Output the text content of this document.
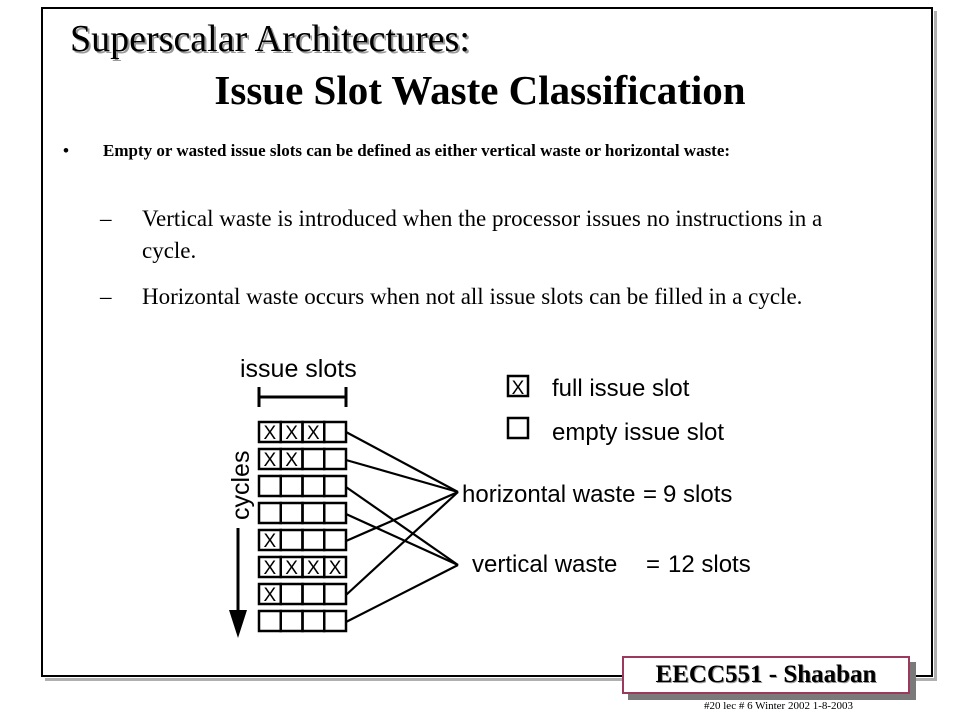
Superscalar Architectures:
Issue Slot Waste Classification
• Empty or wasted issue slots can be defined as either vertical waste or horizontal waste:
– Vertical waste is introduced when the processor issues no instructions in a cycle.
– Horizontal waste occurs when not all issue slots can be filled in a cycle.
issue slots
cycles
X X X
X X
X
X X X X
X
X full issue slot
empty issue slot
horizontal waste = 9 slots
vertical waste = 12 slots
EECC551 - Shaaban
#20 lec # 6 Winter 2002 1-8-2003
